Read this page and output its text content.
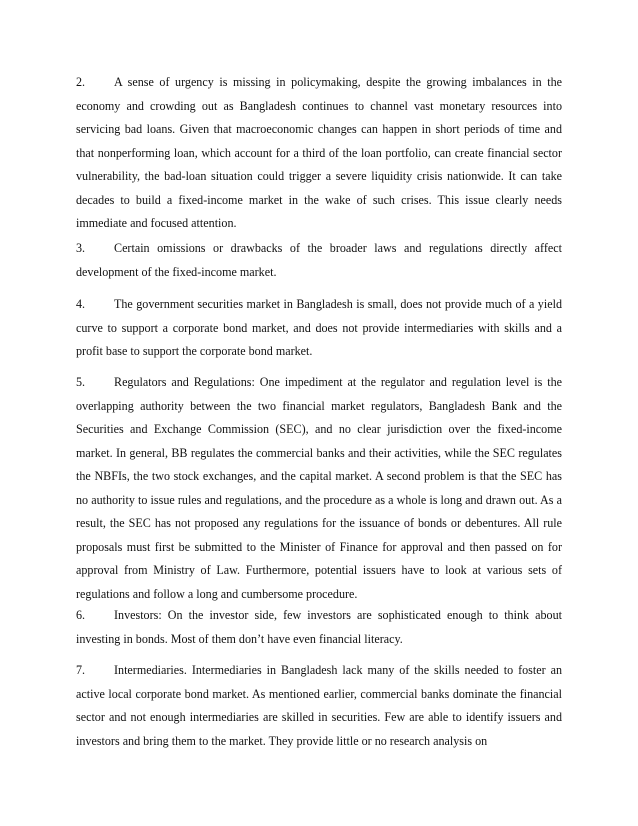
2. A sense of urgency is missing in policymaking, despite the growing imbalances in the economy and crowding out as Bangladesh continues to channel vast monetary resources into servicing bad loans. Given that macroeconomic changes can happen in short periods of time and that nonperforming loan, which account for a third of the loan portfolio, can create financial sector vulnerability, the bad-loan situation could trigger a severe liquidity crisis nationwide. It can take decades to build a fixed-income market in the wake of such crises. This issue clearly needs immediate and focused attention.

3. Certain omissions or drawbacks of the broader laws and regulations directly affect development of the fixed-income market.

4. The government securities market in Bangladesh is small, does not provide much of a yield curve to support a corporate bond market, and does not provide intermediaries with skills and a profit base to support the corporate bond market.

5. Regulators and Regulations: One impediment at the regulator and regulation level is the overlapping authority between the two financial market regulators, Bangladesh Bank and the Securities and Exchange Commission (SEC), and no clear jurisdiction over the fixed-income market. In general, BB regulates the commercial banks and their activities, while the SEC regulates the NBFIs, the two stock exchanges, and the capital market. A second problem is that the SEC has no authority to issue rules and regulations, and the procedure as a whole is long and drawn out. As a result, the SEC has not proposed any regulations for the issuance of bonds or debentures. All rule proposals must first be submitted to the Minister of Finance for approval and then passed on for approval from Ministry of Law. Furthermore, potential issuers have to look at various sets of regulations and follow a long and cumbersome procedure.

6. Investors: On the investor side, few investors are sophisticated enough to think about investing in bonds. Most of them don’t have even financial literacy.

7. Intermediaries. Intermediaries in Bangladesh lack many of the skills needed to foster an active local corporate bond market. As mentioned earlier, commercial banks dominate the financial sector and not enough intermediaries are skilled in securities. Few are able to identify issuers and investors and bring them to the market. They provide little or no research analysis on
